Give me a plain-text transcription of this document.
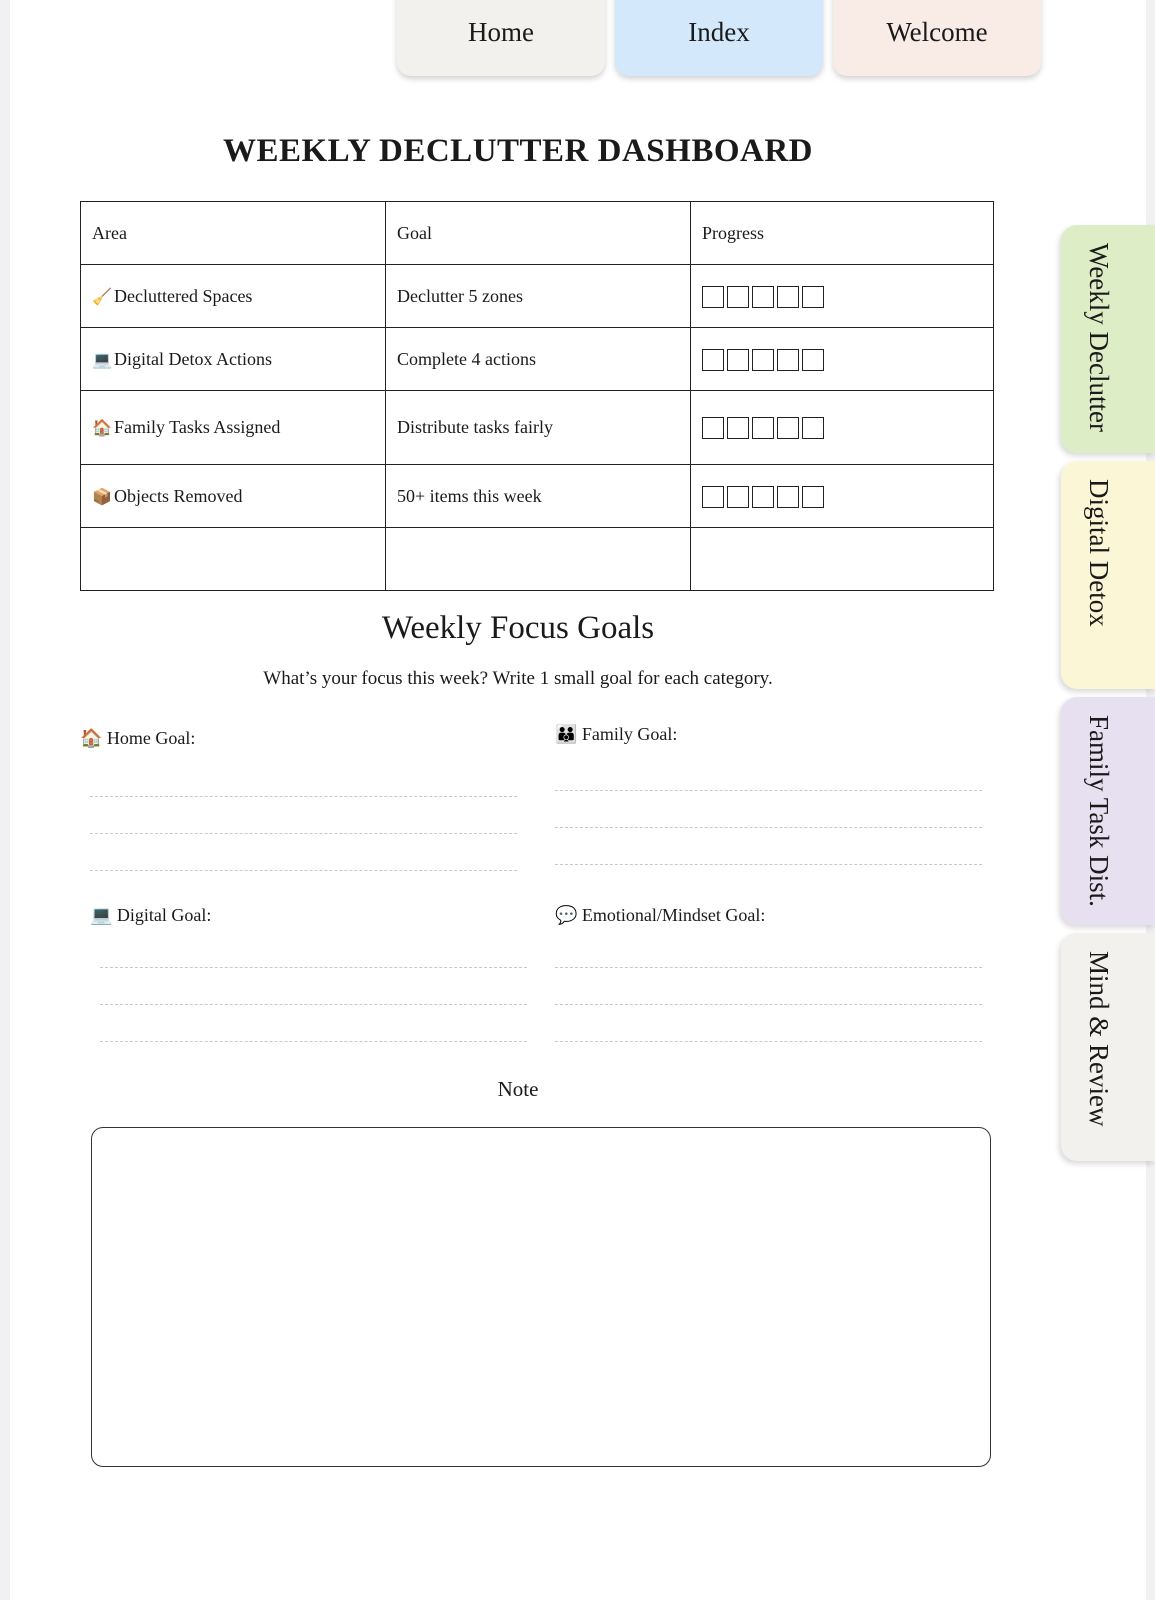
Home	Index	Welcome
Weekly Declutter
Digital Detox
Family Task Dist.
Mind & Review
WEEKLY DECLUTTER DASHBOARD
Area	Goal	Progress
🧹 Decluttered Spaces	Declutter 5 zones	

💻 Digital Detox Actions	Complete 4 actions	

🏠 Family Tasks Assigned	Distribute tasks fairly	

📦 Objects Removed	50+ items this week	

Weekly Focus Goals
What’s your focus this week? Write 1 small goal for each category.
🏠 Home Goal:	👪 Family Goal:
💻 Digital Goal:	💬 Emotional/Mindset Goal:
Note
